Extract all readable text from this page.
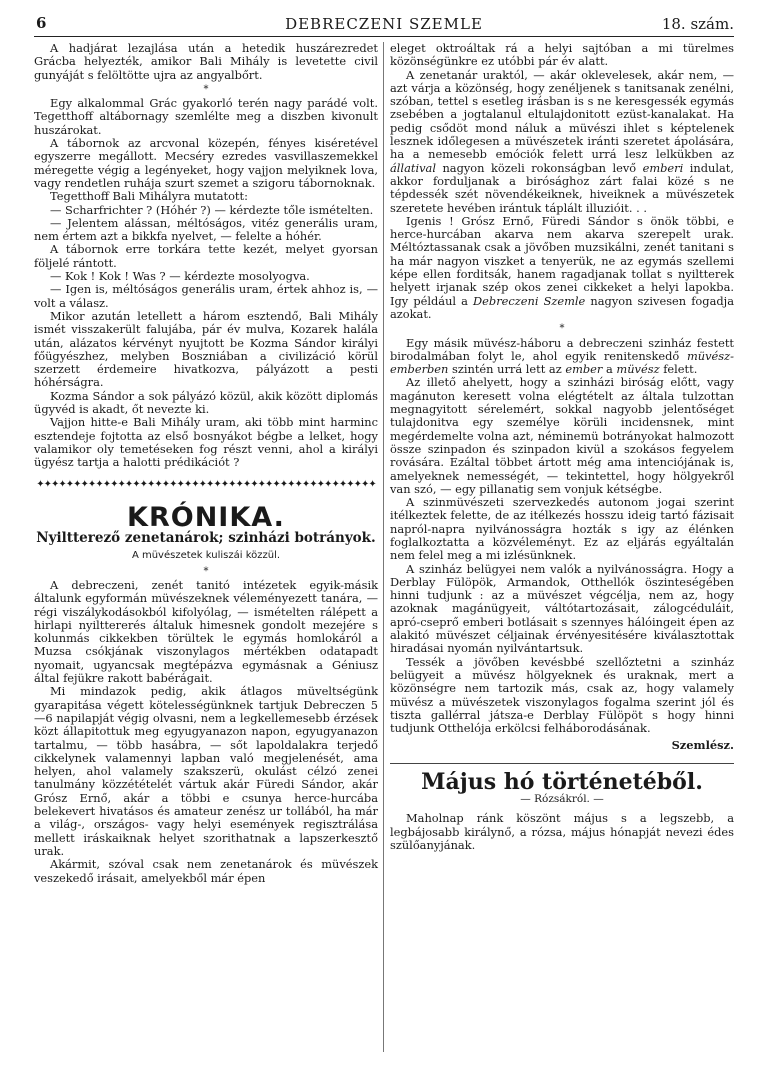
6	DEBRECZENI SZEMLE	18. szám.

A hadjárat lezajlása után a hetedik huszárezredet Grácba helyezték, amikor Bali Mihály is levetette civil gunyáját s felöltötte ujra az angyalbőrt.

*

Egy alkalommal Grác gyakorló terén nagy parádé volt. Tegetthoff altábornagy szemlélte meg a diszben kivonult huszárokat.

A tábornok az arcvonal közepén, fényes kiséretével egyszerre megállott. Mecséry ezredes vasvillaszemekkel méregette végig a legényeket, hogy vajjon melyiknek lova, vagy rendetlen ruhája szurt szemet a szigoru tábornoknak.

Tegetthoff Bali Mihályra mutatott:

— Scharfrichter ? (Hóhér ?) — kérdezte tőle ismételten.

— Jelentem alássan, méltóságos, vitéz generális uram, nem értem azt a bikkfa nyelvet, — felelte a hóhér.

A tábornok erre torkára tette kezét, melyet gyorsan följelé rántott.

— Kok ! Kok ! Was ? — kérdezte mosolyogva.

— Igen is, méltóságos generális uram, értek ahhoz is, — volt a válasz.

Mikor azután letellett a három esztendő, Bali Mihály ismét visszakerült falujába, pár év mulva, Kozarek halála után, alázatos kérvényt nyujtott be Kozma Sándor királyi főügyészhez, melyben Boszniában a civilizáció körül szerzett érdemeire hivatkozva, pályázott a pesti hóhérságra.

Kozma Sándor a sok pályázó közül, akik között diplomás ügyvéd is akadt, őt nevezte ki.

Vajjon hitte-e Bali Mihály uram, aki több mint harminc esztendeje fojtotta az első bosnyákot bégbe a lelket, hogy valamikor oly temetéseken fog részt venni, ahol a királyi ügyész tartja a halotti prédikációt ?

✦✦✦✦✦✦✦✦✦✦✦✦✦✦✦✦✦✦✦✦✦✦✦✦✦✦✦✦✦✦✦✦✦✦✦✦✦✦✦✦✦✦✦✦✦✦
KRÓNIKA.
Nyiltterező zenetanárok; szinházi botrányok.
A müvészetek kuliszái közzül.
*

A debreczeni, zenét tanitó intézetek egyik-másik általunk egyformán müvészeknek véleményezett tanára, — régi viszálykodásokból kifolyólag, — ismételten rálépett a hirlapi nyilttererés általuk himesnek gondolt mezejére s kolunmás cikkekben törültek le egymás homlokáról a Muzsa csókjának viszonylagos mértékben odatapadt nyomait, ugyancsak megtépázva egymásnak a Géniusz által fejükre rakott babérágait.

Mi mindazok pedig, akik átlagos müveltségünk gyarapitása végett kötelességünknek tartjuk Debreczen 5—6 napilapját végig olvasni, nem a legkellemesebb érzések közt állapitottuk meg egyugyanazon napon, egyugyanazon tartalmu, — több hasábra, — sőt lapoldalakra terjedő cikkelynek valamennyi lapban való megjelenését, ama helyen, ahol valamely szakszerü, okulást célzó zenei tanulmány közzétételét vártuk akár Füredi Sándor, akár Grósz Ernő, akár a többi e csunya herce-hurcába belekevert hivatásos és amateur zenész ur tollából, ha már a világ-, országos- vagy helyi események regisztrálása mellett iráskaiknak helyet szorithatnak a lapszerkesztő urak.

Akármit, szóval csak nem zenetanárok és müvészek veszekedő irásait, amelyekből már épen

eleget oktroáltak rá a helyi sajtóban a mi türelmes közönségünkre ez utóbbi pár év alatt.

A zenetanár uraktól, — akár oklevelesek, akár nem, — azt várja a közönség, hogy zenéljenek s tanitsanak zenélni, szóban, tettel s esetleg irásban is s ne keresgessék egymás zsebében a jogtalanul eltulajdonitott ezüst-kanalakat. Ha pedig csődöt mond náluk a müvészi ihlet s képtelenek lesznek időlegesen a müvészetek iránti szeretet ápolására, ha a nemesebb emóciók felett urrá lesz lelkükben az állatival nagyon közeli rokonságban levő emberi indulat, akkor forduljanak a birósághoz zárt falai közé s ne tépdessék szét növendékeiknek, hiveiknek a müvészetek szeretete hevében irántuk táplált illuzióit. . .

Igenis ! Grósz Ernő, Füredi Sándor s önök többi, e herce-hurcában akarva nem akarva szerepelt urak. Méltóztassanak csak a jövőben muzsikálni, zenét tanitani s ha már nagyon viszket a tenyerük, ne az egymás szellemi képe ellen forditsák, hanem ragadjanak tollat s nyiltterek helyett irjanak szép okos zenei cikkeket a helyi lapokba. Igy például a Debreczeni Szemle nagyon szivesen fogadja azokat.

*

Egy másik müvész-háboru a debreczeni szinház festett birodalmában folyt le, ahol egyik renitenskedő müvész-emberben szintén urrá lett az ember a müvész felett.

Az illető ahelyett, hogy a szinházi biróság előtt, vagy magánuton keresett volna elégtételt az általa tulzottan megnagyitott sérelemért, sokkal nagyobb jelentőséget tulajdonitva egy személye körüli incidensnek, mint megérdemelte volna azt, néminemü botrányokat halmozott össze szinpadon és szinpadon kivül a szokásos fegyelem rovására. Ezáltal többet ártott még ama intenciójának is, amelyeknek nemességét, — tekintettel, hogy hölgyekről van szó, — egy pillanatig sem vonjuk kétségbe.

A szinmüvészeti szervezkedés autonom jogai szerint itélkeztek felette, de az itélkezés hosszu ideig tartó fázisait napról-napra nyilvánosságra hozták s igy az élénken foglalkoztatta a közvéleményt. Ez az eljárás egyáltalán nem felel meg a mi izlésünknek.

A szinház belügyei nem valók a nyilvánosságra. Hogy a Derblay Fülöpök, Armandok, Otthellók öszinteségében hinni tudjunk : az a müvészet végcélja, nem az, hogy azoknak magánügyeit, váltótartozásait, zálogcéduláit, apró-cseprő emberi botlásait s szennyes hálóingeit épen az alakitó müvészet céljainak érvényesitésére kiválasztottak hiradásai nyomán nyilvántartsuk.

Tessék a jövőben kevésbbé szellőztetni a szinház belügyeit a müvész hölgyeknek és uraknak, mert a közönségre nem tartozik más, csak az, hogy valamely müvész a müvészetek viszonylagos fogalma szerint jól és tiszta gallérral játsza-e Derblay Fülöpöt s hogy hinni tudjunk Otthelója erkölcsi felháborodásának.

Szemlész.
Május hó történetéből.
— Rózsákról. —

Maholnap ránk köszönt május s a legszebb, a legbájosabb királynő, a rózsa, május hónapját nevezi édes szülőanyjának.
